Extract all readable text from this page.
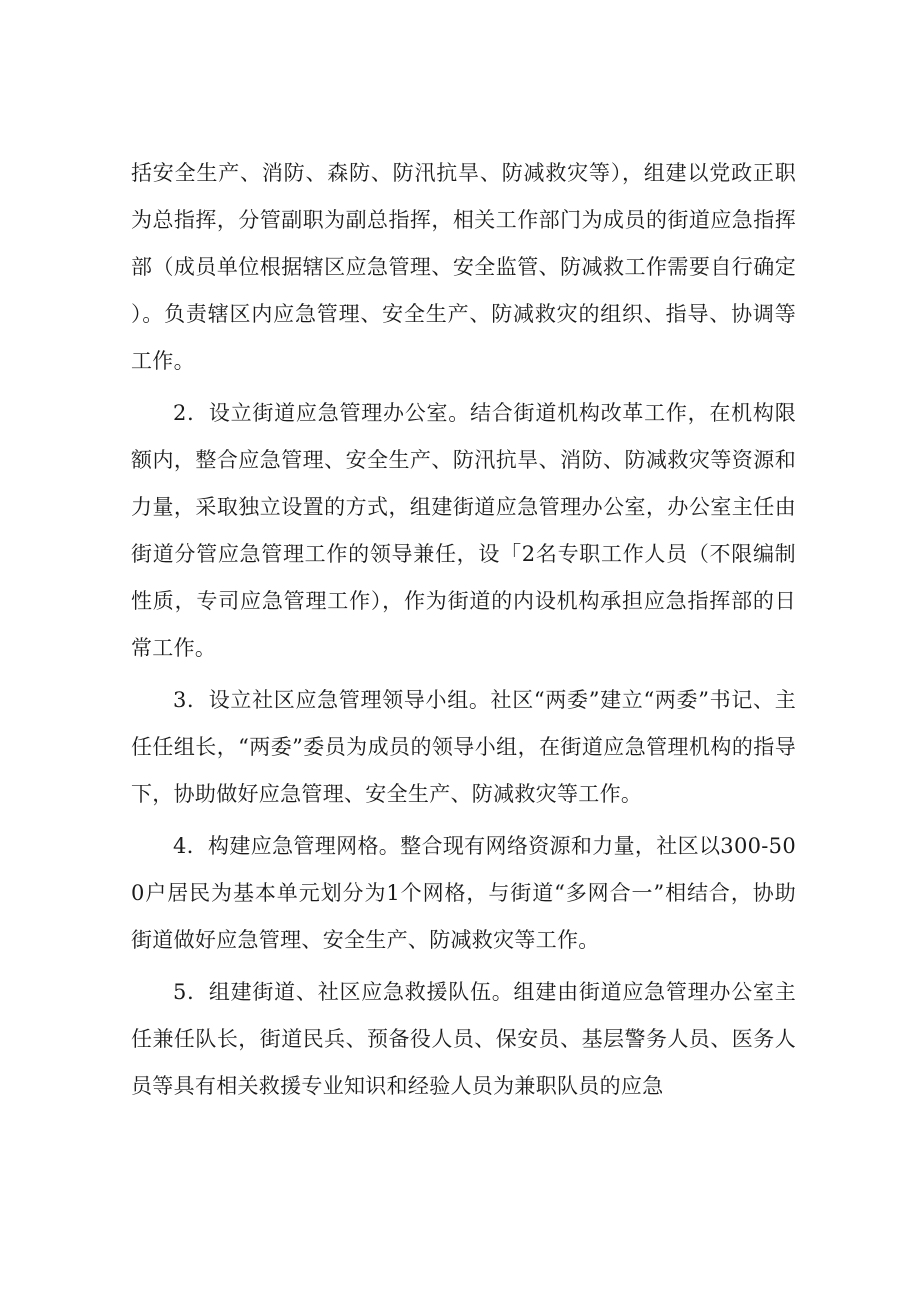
括安全生产、消防、森防、防汛抗旱、防减救灾等），组建以党政正职为总指挥，分管副职为副总指挥，相关工作部门为成员的街道应急指挥部（成员单位根据辖区应急管理、安全监管、防减救工作需要自行确定）。负责辖区内应急管理、安全生产、防减救灾的组织、指导、协调等工作。

2．设立街道应急管理办公室。结合街道机构改革工作，在机构限额内，整合应急管理、安全生产、防汛抗旱、消防、防减救灾等资源和力量，采取独立设置的方式，组建街道应急管理办公室，办公室主任由街道分管应急管理工作的领导兼任，设「2名专职工作人员（不限编制性质，专司应急管理工作），作为街道的内设机构承担应急指挥部的日常工作。

3．设立社区应急管理领导小组。社区“两委”建立“两委”书记、主任任组长，“两委”委员为成员的领导小组，在街道应急管理机构的指导下，协助做好应急管理、安全生产、防减救灾等工作。

4．构建应急管理网格。整合现有网络资源和力量，社区以300-500户居民为基本单元划分为1个网格，与街道“多网合一”相结合，协助街道做好应急管理、安全生产、防减救灾等工作。

5．组建街道、社区应急救援队伍。组建由街道应急管理办公室主任兼任队长，街道民兵、预备役人员、保安员、基层警务人员、医务人员等具有相关救援专业知识和经验人员为兼职队员的应急
